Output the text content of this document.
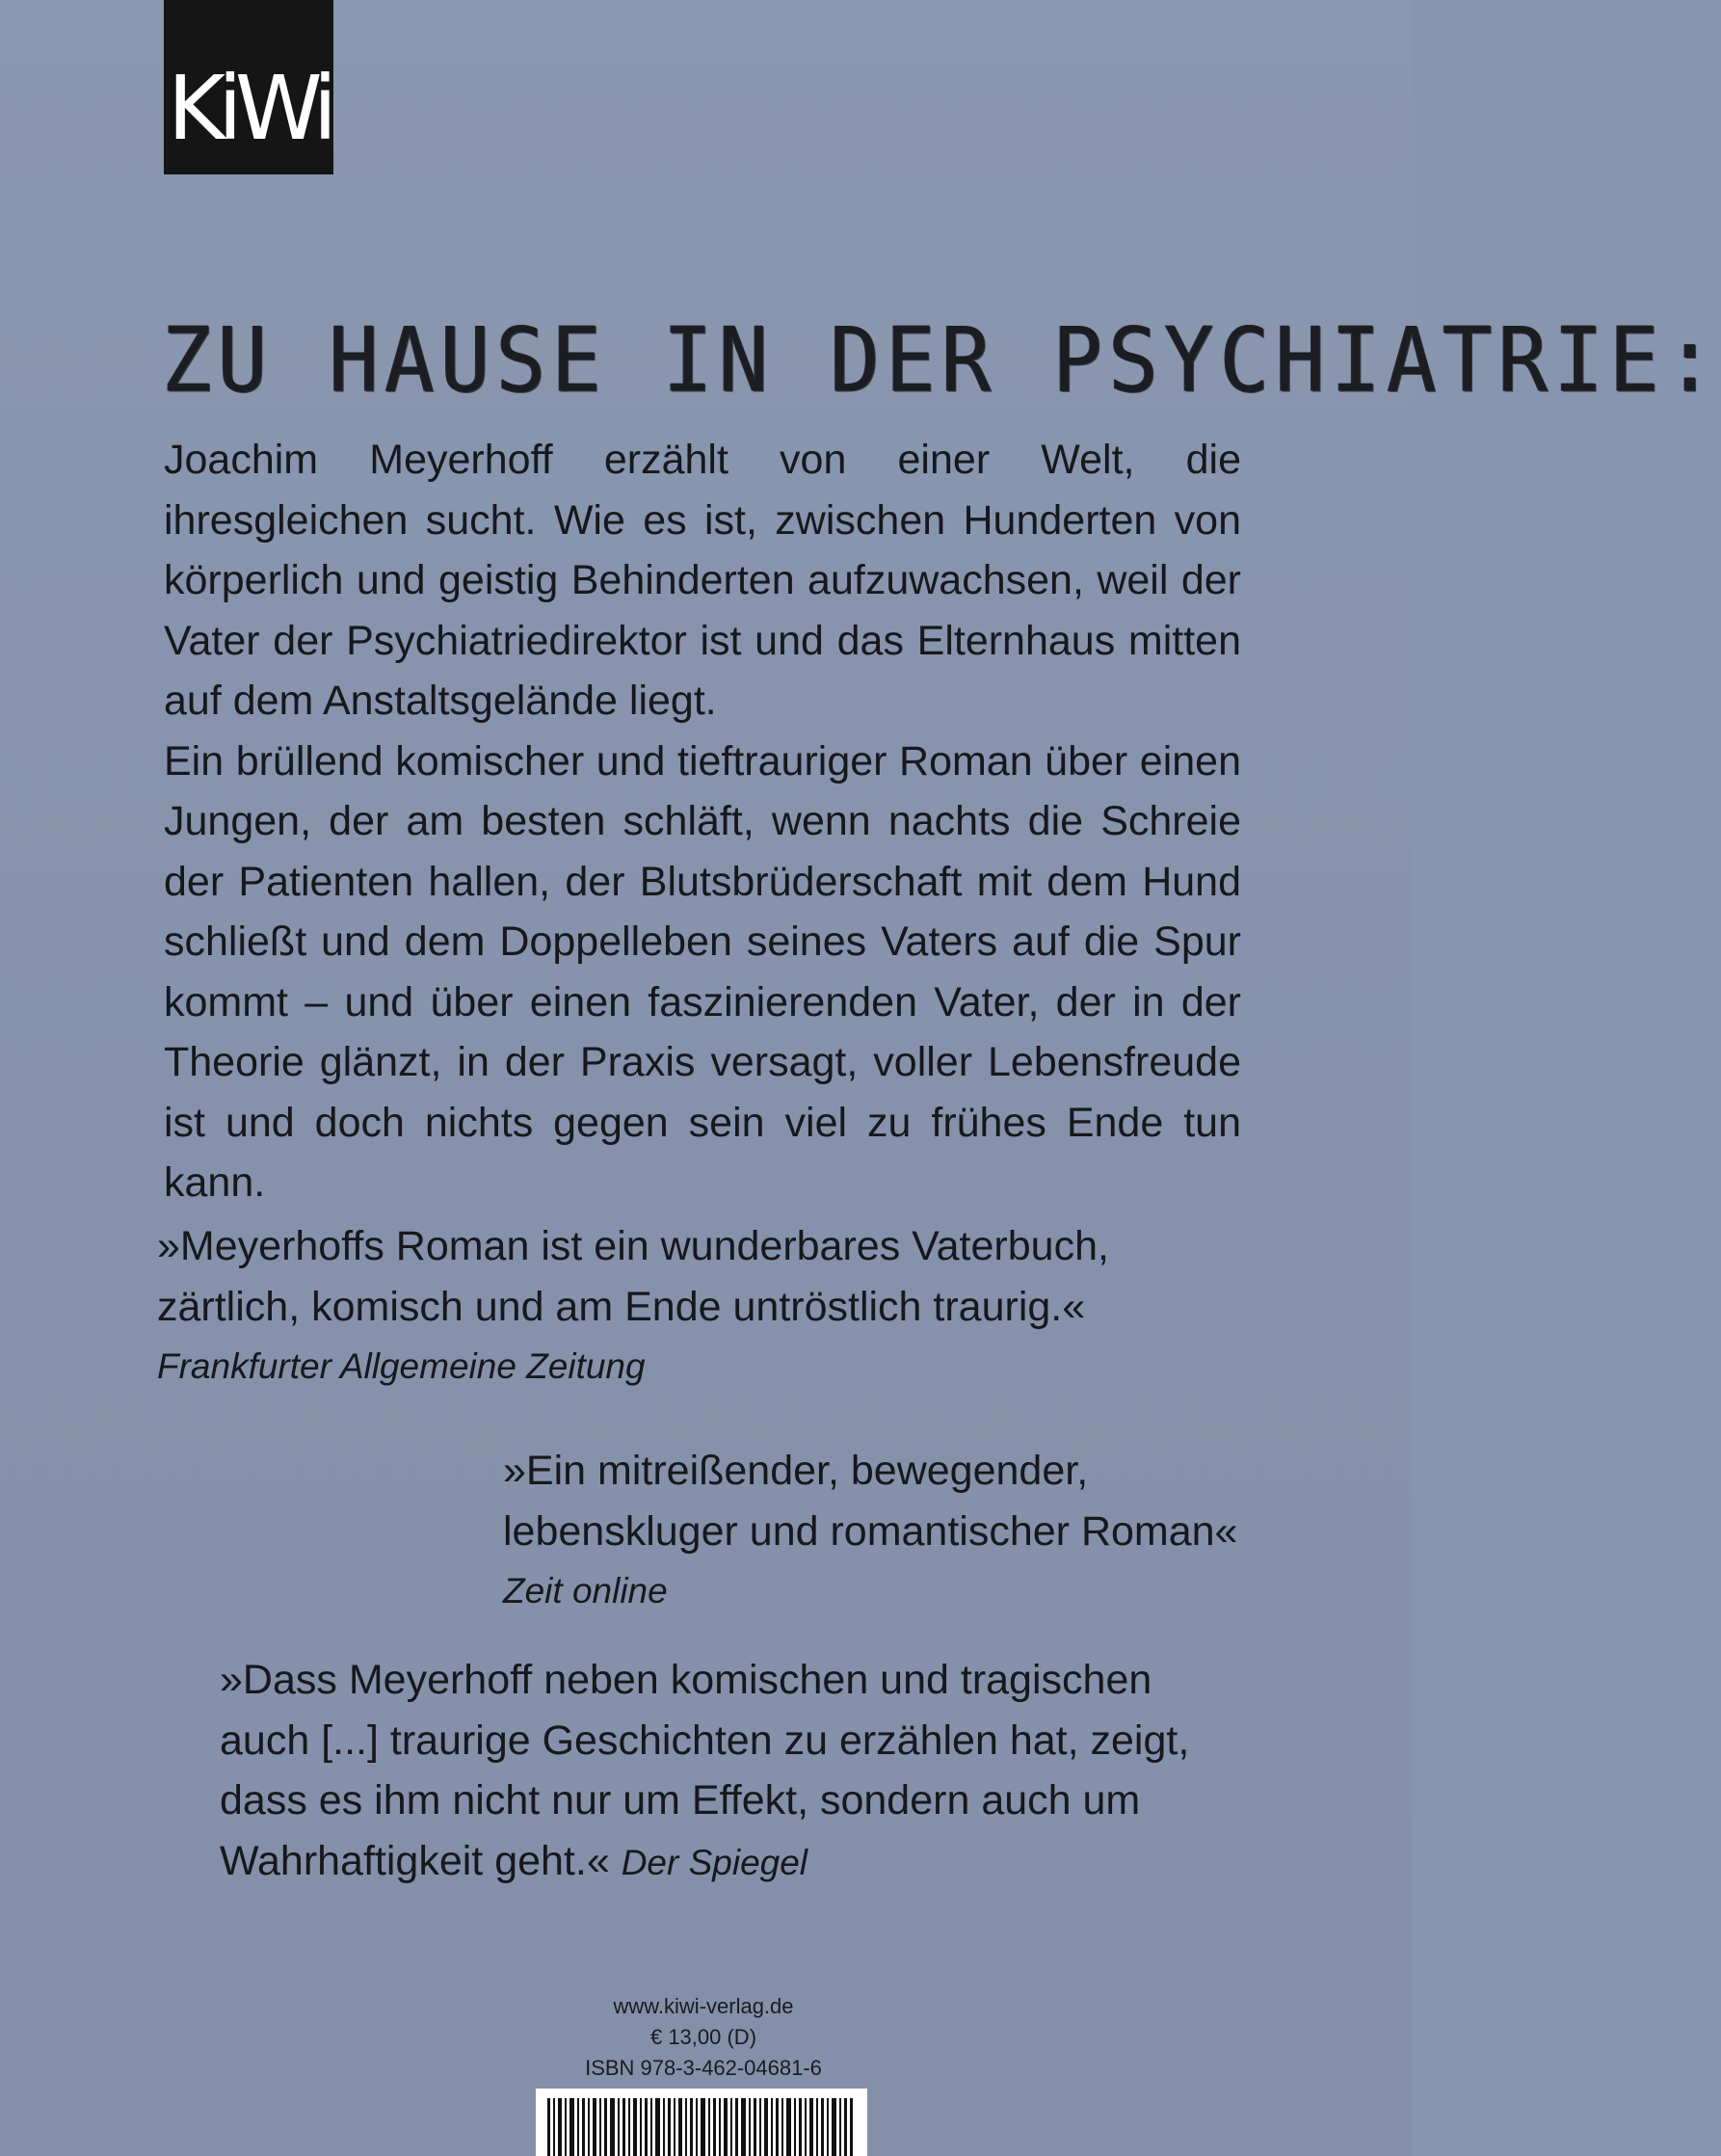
KiWi
ZU HAUSE IN DER PSYCHIATRIE:

Joachim Meyerhoff erzählt von einer Welt, die ihresgleichen sucht. Wie es ist, zwischen Hunderten von körperlich und geistig Behinderten aufzuwachsen, weil der Vater der Psychiatriedirektor ist und das Elternhaus mitten auf dem Anstaltsgelände liegt.

Ein brüllend komischer und tieftrauriger Roman über einen Jungen, der am besten schläft, wenn nachts die Schreie der Patienten hallen, der Blutsbrüderschaft mit dem Hund schließt und dem Doppelleben seines Vaters auf die Spur kommt – und über einen faszinierenden Vater, der in der Theorie glänzt, in der Praxis versagt, voller Lebensfreude ist und doch nichts gegen sein viel zu frühes Ende tun kann.

»Meyerhoffs Roman ist ein wunderbares Vaterbuch,
zärtlich, komisch und am Ende untröstlich traurig.«
Frankfurter Allgemeine Zeitung
»Ein mitreißender, bewegender,
lebenskluger und romantischer Roman«
Zeit online
»Dass Meyerhoff neben komischen und tragischen
auch [...] traurige Geschichten zu erzählen hat, zeigt,
dass es ihm nicht nur um Effekt, sondern auch um
Wahrhaftigkeit geht.« Der Spiegel
www.kiwi-verlag.de
€ 13,00 (D)
ISBN 978-3-462-04681-6
